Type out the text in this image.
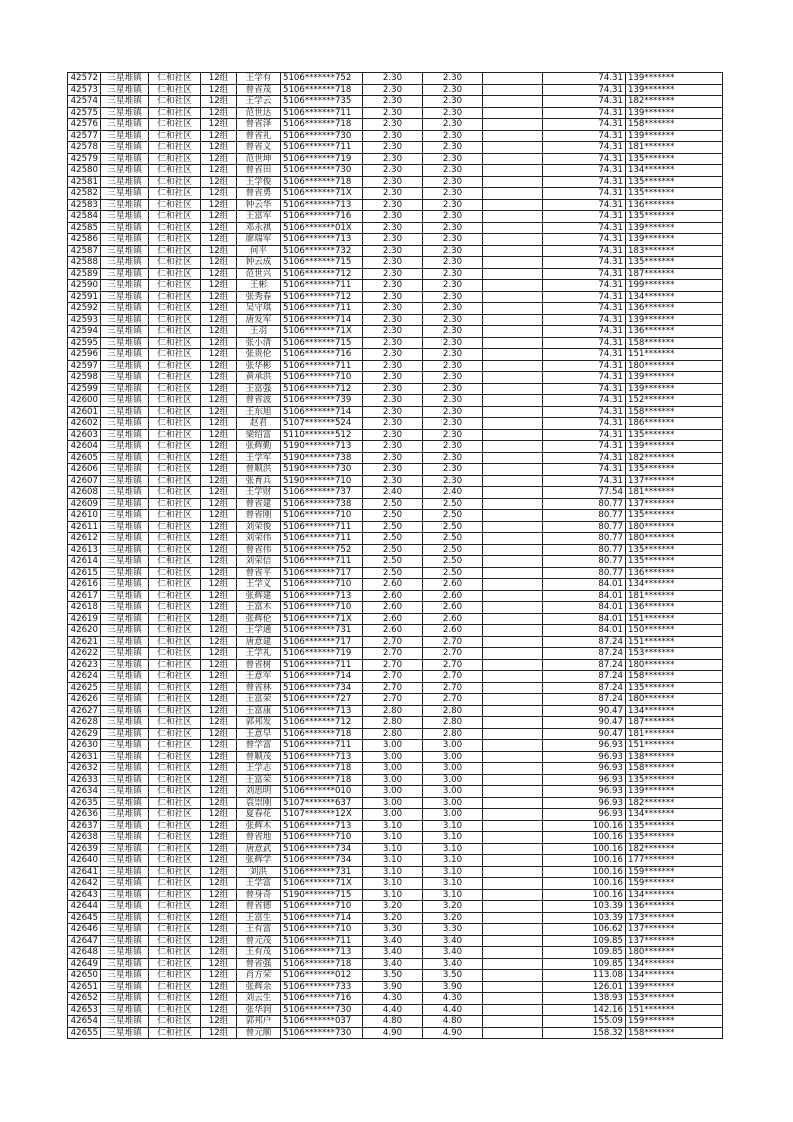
42572	三星堆镇	仁和社区	12组	王学有	5106*******752	2.30	2.30		74.31	139*******
42573	三星堆镇	仁和社区	12组	曾省茂	5106*******718	2.30	2.30		74.31	139*******
42574	三星堆镇	仁和社区	12组	王学云	5106*******735	2.30	2.30		74.31	182*******
42575	三星堆镇	仁和社区	12组	范世达	5106*******711	2.30	2.30		74.31	139*******
42576	三星堆镇	仁和社区	12组	曾省泽	5106*******718	2.30	2.30		74.31	158*******
42577	三星堆镇	仁和社区	12组	曾省礼	5106*******730	2.30	2.30		74.31	139*******
42578	三星堆镇	仁和社区	12组	曾省义	5106*******711	2.30	2.30		74.31	181*******
42579	三星堆镇	仁和社区	12组	范世坤	5106*******719	2.30	2.30		74.31	135*******
42580	三星堆镇	仁和社区	12组	曾省田	5106*******730	2.30	2.30		74.31	134*******
42581	三星堆镇	仁和社区	12组	王学俊	5106*******718	2.30	2.30		74.31	135*******
42582	三星堆镇	仁和社区	12组	曾省勇	5106*******71X	2.30	2.30		74.31	135*******
42583	三星堆镇	仁和社区	12组	钟云华	5106*******713	2.30	2.30		74.31	136*******
42584	三星堆镇	仁和社区	12组	王富军	5106*******716	2.30	2.30		74.31	135*******
42585	三星堆镇	仁和社区	12组	邓永祺	5106*******01X	2.30	2.30		74.31	139*******
42586	三星堆镇	仁和社区	12组	廖瑞军	5106*******713	2.30	2.30		74.31	139*******
42587	三星堆镇	仁和社区	12组	何平	5106*******732	2.30	2.30		74.31	183*******
42588	三星堆镇	仁和社区	12组	钟云成	5106*******715	2.30	2.30		74.31	135*******
42589	三星堆镇	仁和社区	12组	范世兴	5106*******712	2.30	2.30		74.31	187*******
42590	三星堆镇	仁和社区	12组	王彬	5106*******711	2.30	2.30		74.31	199*******
42591	三星堆镇	仁和社区	12组	张秀春	5106*******712	2.30	2.30		74.31	134*******
42592	三星堆镇	仁和社区	12组	吴守琪	5106*******711	2.30	2.30		74.31	136*******
42593	三星堆镇	仁和社区	12组	唐发军	5106*******714	2.30	2.30		74.31	139*******
42594	三星堆镇	仁和社区	12组	王羽	5106*******71X	2.30	2.30		74.31	136*******
42595	三星堆镇	仁和社区	12组	张小清	5106*******715	2.30	2.30		74.31	158*******
42596	三星堆镇	仁和社区	12组	张贵伦	5106*******716	2.30	2.30		74.31	151*******
42597	三星堆镇	仁和社区	12组	张华彬	5106*******711	2.30	2.30		74.31	180*******
42598	三星堆镇	仁和社区	12组	黄承洪	5106*******710	2.30	2.30		74.31	139*******
42599	三星堆镇	仁和社区	12组	王富强	5106*******712	2.30	2.30		74.31	139*******
42600	三星堆镇	仁和社区	12组	曾省波	5106*******739	2.30	2.30		74.31	152*******
42601	三星堆镇	仁和社区	12组	王东旭	5106*******714	2.30	2.30		74.31	158*******
42602	三星堆镇	仁和社区	12组	赵君	5107*******524	2.30	2.30		74.31	186*******
42603	三星堆镇	仁和社区	12组	梁绍富	5110*******512	2.30	2.30		74.31	135*******
42604	三星堆镇	仁和社区	12组	张辉勤	5190*******713	2.30	2.30		74.31	139*******
42605	三星堆镇	仁和社区	12组	王学军	5190*******738	2.30	2.30		74.31	182*******
42606	三星堆镇	仁和社区	12组	曾顺洪	5190*******730	2.30	2.30		74.31	135*******
42607	三星堆镇	仁和社区	12组	张育兵	5190*******710	2.30	2.30		74.31	137*******
42608	三星堆镇	仁和社区	12组	王学财	5106*******737	2.40	2.40		77.54	181*******
42609	三星堆镇	仁和社区	12组	曾省建	5106*******738	2.50	2.50		80.77	137*******
42610	三星堆镇	仁和社区	12组	曾省刚	5106*******710	2.50	2.50		80.77	135*******
42611	三星堆镇	仁和社区	12组	刘荣俊	5106*******711	2.50	2.50		80.77	180*******
42612	三星堆镇	仁和社区	12组	刘荣伟	5106*******711	2.50	2.50		80.77	180*******
42613	三星堆镇	仁和社区	12组	曾省伟	5106*******752	2.50	2.50		80.77	135*******
42614	三星堆镇	仁和社区	12组	刘荣信	5106*******711	2.50	2.50		80.77	135*******
42615	三星堆镇	仁和社区	12组	曾省平	5106*******717	2.50	2.50		80.77	136*******
42616	三星堆镇	仁和社区	12组	王学义	5106*******710	2.60	2.60		84.01	134*******
42617	三星堆镇	仁和社区	12组	张辉建	5106*******713	2.60	2.60		84.01	181*******
42618	三星堆镇	仁和社区	12组	王富木	5106*******710	2.60	2.60		84.01	136*******
42619	三星堆镇	仁和社区	12组	张辉伦	5106*******71X	2.60	2.60		84.01	151*******
42620	三星堆镇	仁和社区	12组	王学通	5106*******731	2.60	2.60		84.01	150*******
42621	三星堆镇	仁和社区	12组	唐意建	5106*******717	2.70	2.70		87.24	151*******
42622	三星堆镇	仁和社区	12组	王学礼	5106*******719	2.70	2.70		87.24	153*******
42623	三星堆镇	仁和社区	12组	曾省树	5106*******711	2.70	2.70		87.24	180*******
42624	三星堆镇	仁和社区	12组	王意军	5106*******714	2.70	2.70		87.24	158*******
42625	三星堆镇	仁和社区	12组	曾省林	5106*******734	2.70	2.70		87.24	135*******
42626	三星堆镇	仁和社区	12组	王富荣	5106*******727	2.70	2.70		87.24	180*******
42627	三星堆镇	仁和社区	12组	王富康	5106*******713	2.80	2.80		90.47	134*******
42628	三星堆镇	仁和社区	12组	郭邦发	5106*******712	2.80	2.80		90.47	187*******
42629	三星堆镇	仁和社区	12组	王意早	5106*******718	2.80	2.80		90.47	181*******
42630	三星堆镇	仁和社区	12组	曾学富	5106*******711	3.00	3.00		96.93	151*******
42631	三星堆镇	仁和社区	12组	曾顺茂	5106*******713	3.00	3.00		96.93	138*******
42632	三星堆镇	仁和社区	12组	王学志	5106*******718	3.00	3.00		96.93	158*******
42633	三星堆镇	仁和社区	12组	王富荣	5106*******718	3.00	3.00		96.93	135*******
42634	三星堆镇	仁和社区	12组	刘思明	5106*******010	3.00	3.00		96.93	139*******
42635	三星堆镇	仁和社区	12组	袁崇刚	5107*******637	3.00	3.00		96.93	182*******
42636	三星堆镇	仁和社区	12组	夏春花	5107*******12X	3.00	3.00		96.93	134*******
42637	三星堆镇	仁和社区	12组	张辉木	5106*******713	3.10	3.10		100.16	135*******
42638	三星堆镇	仁和社区	12组	曾省地	5106*******710	3.10	3.10		100.16	135*******
42639	三星堆镇	仁和社区	12组	唐意武	5106*******734	3.10	3.10		100.16	182*******
42640	三星堆镇	仁和社区	12组	张辉学	5106*******734	3.10	3.10		100.16	177*******
42641	三星堆镇	仁和社区	12组	刘洪	5106*******731	3.10	3.10		100.16	159*******
42642	三星堆镇	仁和社区	12组	王学富	5106*******71X	3.10	3.10		100.16	159*******
42643	三星堆镇	仁和社区	12组	曾身奇	5190*******715	3.10	3.10		100.16	134*******
42644	三星堆镇	仁和社区	12组	曾省德	5106*******710	3.20	3.20		103.39	136*******
42645	三星堆镇	仁和社区	12组	王富生	5106*******714	3.20	3.20		103.39	173*******
42646	三星堆镇	仁和社区	12组	王有富	5106*******710	3.30	3.30		106.62	137*******
42647	三星堆镇	仁和社区	12组	曾元茂	5106*******711	3.40	3.40		109.85	137*******
42648	三星堆镇	仁和社区	12组	王有茂	5106*******713	3.40	3.40		109.85	180*******
42649	三星堆镇	仁和社区	12组	曾省强	5106*******718	3.40	3.40		109.85	134*******
42650	三星堆镇	仁和社区	12组	肖方荣	5106*******012	3.50	3.50		113.08	134*******
42651	三星堆镇	仁和社区	12组	张辉余	5106*******733	3.90	3.90		126.01	139*******
42652	三星堆镇	仁和社区	12组	刘云生	5106*******716	4.30	4.30		138.93	153*******
42653	三星堆镇	仁和社区	12组	张华润	5106*******730	4.40	4.40		142.16	151*******
42654	三星堆镇	仁和社区	12组	郭邦户	5106*******037	4.80	4.80		155.09	159*******
42655	三星堆镇	仁和社区	12组	曾元顺	5106*******730	4.90	4.90		158.32	158*******
